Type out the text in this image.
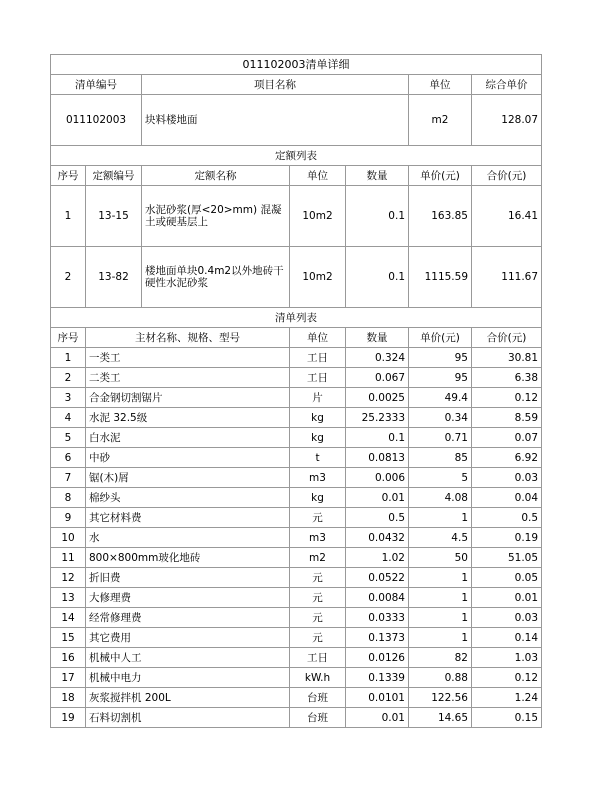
011102003清单详细						
清单编号		项目名称			单位	综合单价
011102003		块料楼地面			m2	128.07
定额列表						
序号	定额编号	定额名称	单位	数量	单价(元)	合价(元)
1	13-15	水泥砂浆(厚<20>mm) 混凝土或硬基层上	10m2	0.1	163.85	16.41
2	13-82	楼地面单块0.4m2以外地砖干硬性水泥砂浆	10m2	0.1	1115.59	111.67
清单列表						
序号	主材名称、规格、型号		单位	数量	单价(元)	合价(元)
1	一类工		工日	0.324	95	30.81
2	二类工		工日	0.067	95	6.38
3	合金钢切割锯片		片	0.0025	49.4	0.12
4	水泥 32.5级		kg	25.2333	0.34	8.59
5	白水泥		kg	0.1	0.71	0.07
6	中砂		t	0.0813	85	6.92
7	锯(木)屑		m3	0.006	5	0.03
8	棉纱头		kg	0.01	4.08	0.04
9	其它材料费		元	0.5	1	0.5
10	水		m3	0.0432	4.5	0.19
11	800×800mm玻化地砖		m2	1.02	50	51.05
12	折旧费		元	0.0522	1	0.05
13	大修理费		元	0.0084	1	0.01
14	经常修理费		元	0.0333	1	0.03
15	其它费用		元	0.1373	1	0.14
16	机械中人工		工日	0.0126	82	1.03
17	机械中电力		kW.h	0.1339	0.88	0.12
18	灰浆搅拌机 200L		台班	0.0101	122.56	1.24
19	石料切割机		台班	0.01	14.65	0.15
